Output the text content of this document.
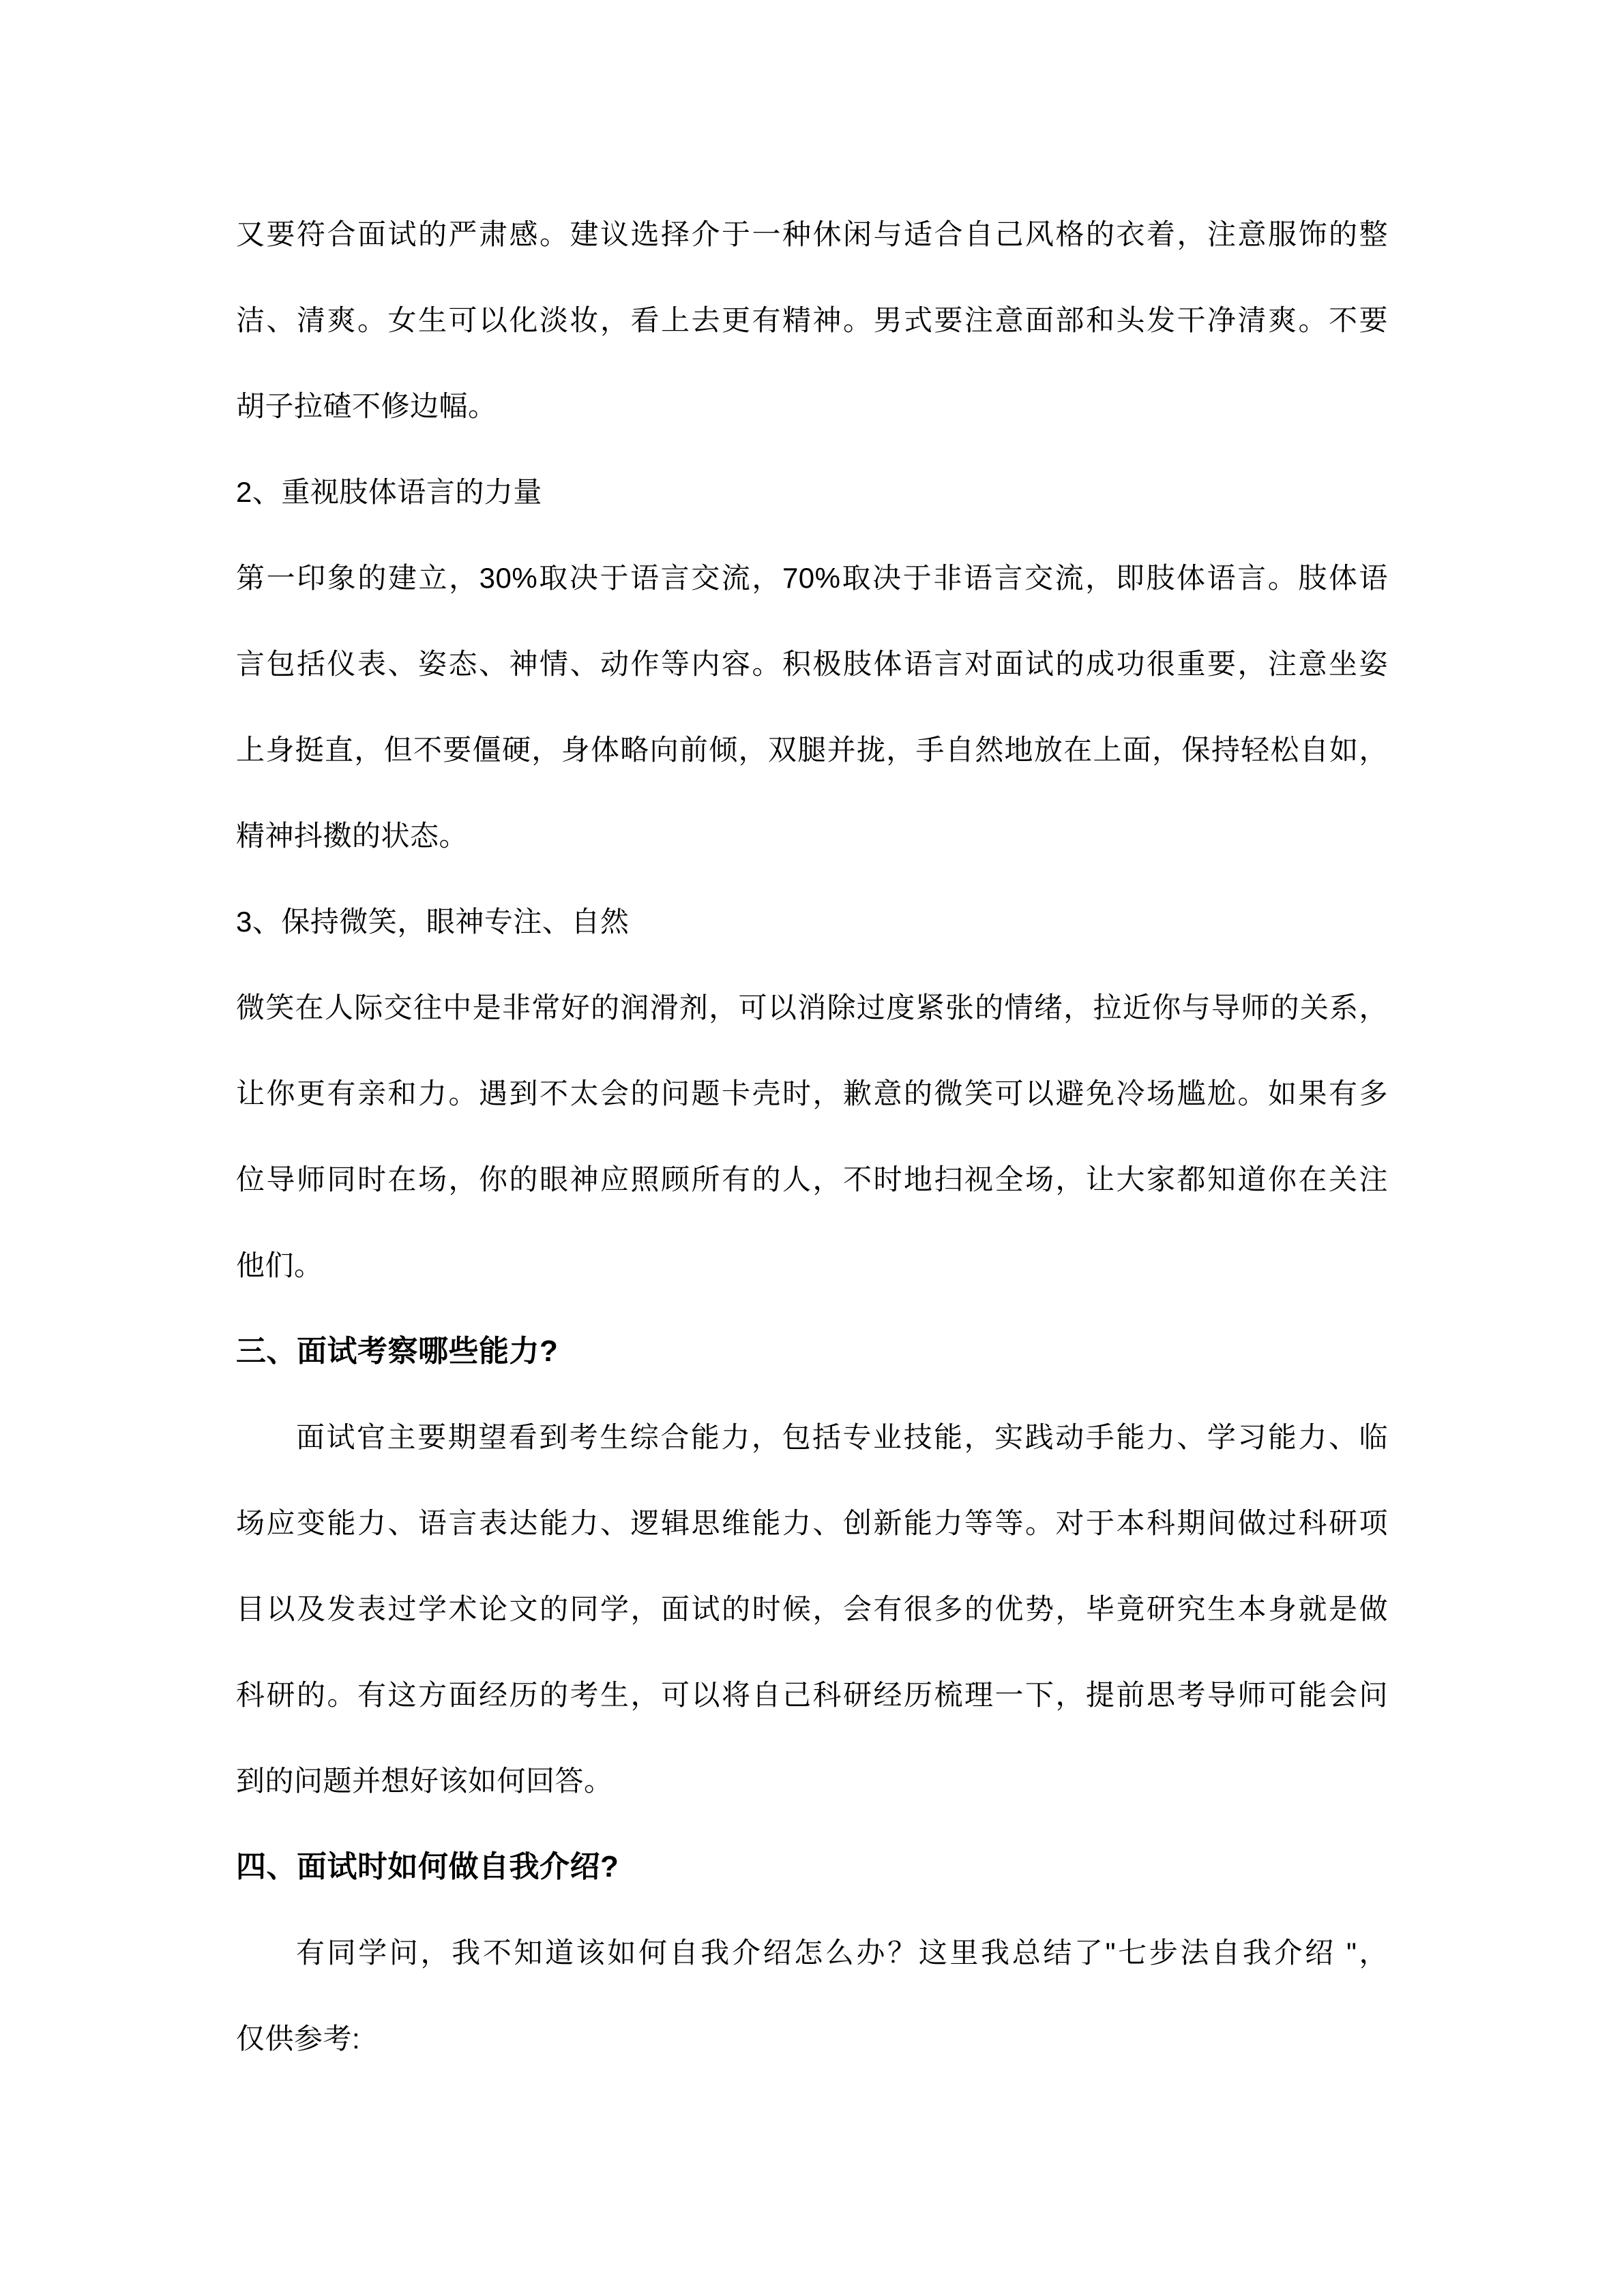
又要符合面试的严肃感。建议选择介于一种休闲与适合自己风格的衣着，注意服饰的整
洁、清爽。女生可以化淡妆，看上去更有精神。男式要注意面部和头发干净清爽。不要
胡子拉碴不修边幅。
2、重视肢体语言的力量
第一印象的建立，30%取决于语言交流，70%取决于非语言交流，即肢体语言。肢体语
言包括仪表、姿态、神情、动作等内容。积极肢体语言对面试的成功很重要，注意坐姿
上身挺直，但不要僵硬，身体略向前倾，双腿并拢，手自然地放在上面，保持轻松自如，
精神抖擞的状态。
3、保持微笑，眼神专注、自然
微笑在人际交往中是非常好的润滑剂，可以消除过度紧张的情绪，拉近你与导师的关系，
让你更有亲和力。遇到不太会的问题卡壳时，歉意的微笑可以避免冷场尴尬。如果有多
位导师同时在场，你的眼神应照顾所有的人，不时地扫视全场，让大家都知道你在关注
他们。
三、面试考察哪些能力?
面试官主要期望看到考生综合能力，包括专业技能，实践动手能力、学习能力、临
场应变能力、语言表达能力、逻辑思维能力、创新能力等等。对于本科期间做过科研项
目以及发表过学术论文的同学，面试的时候，会有很多的优势，毕竟研究生本身就是做
科研的。有这方面经历的考生，可以将自己科研经历梳理一下，提前思考导师可能会问
到的问题并想好该如何回答。
四、面试时如何做自我介绍?
有同学问，我不知道该如何自我介绍怎么办？这里我总结了"七步法自我介绍 "，
仅供参考:
